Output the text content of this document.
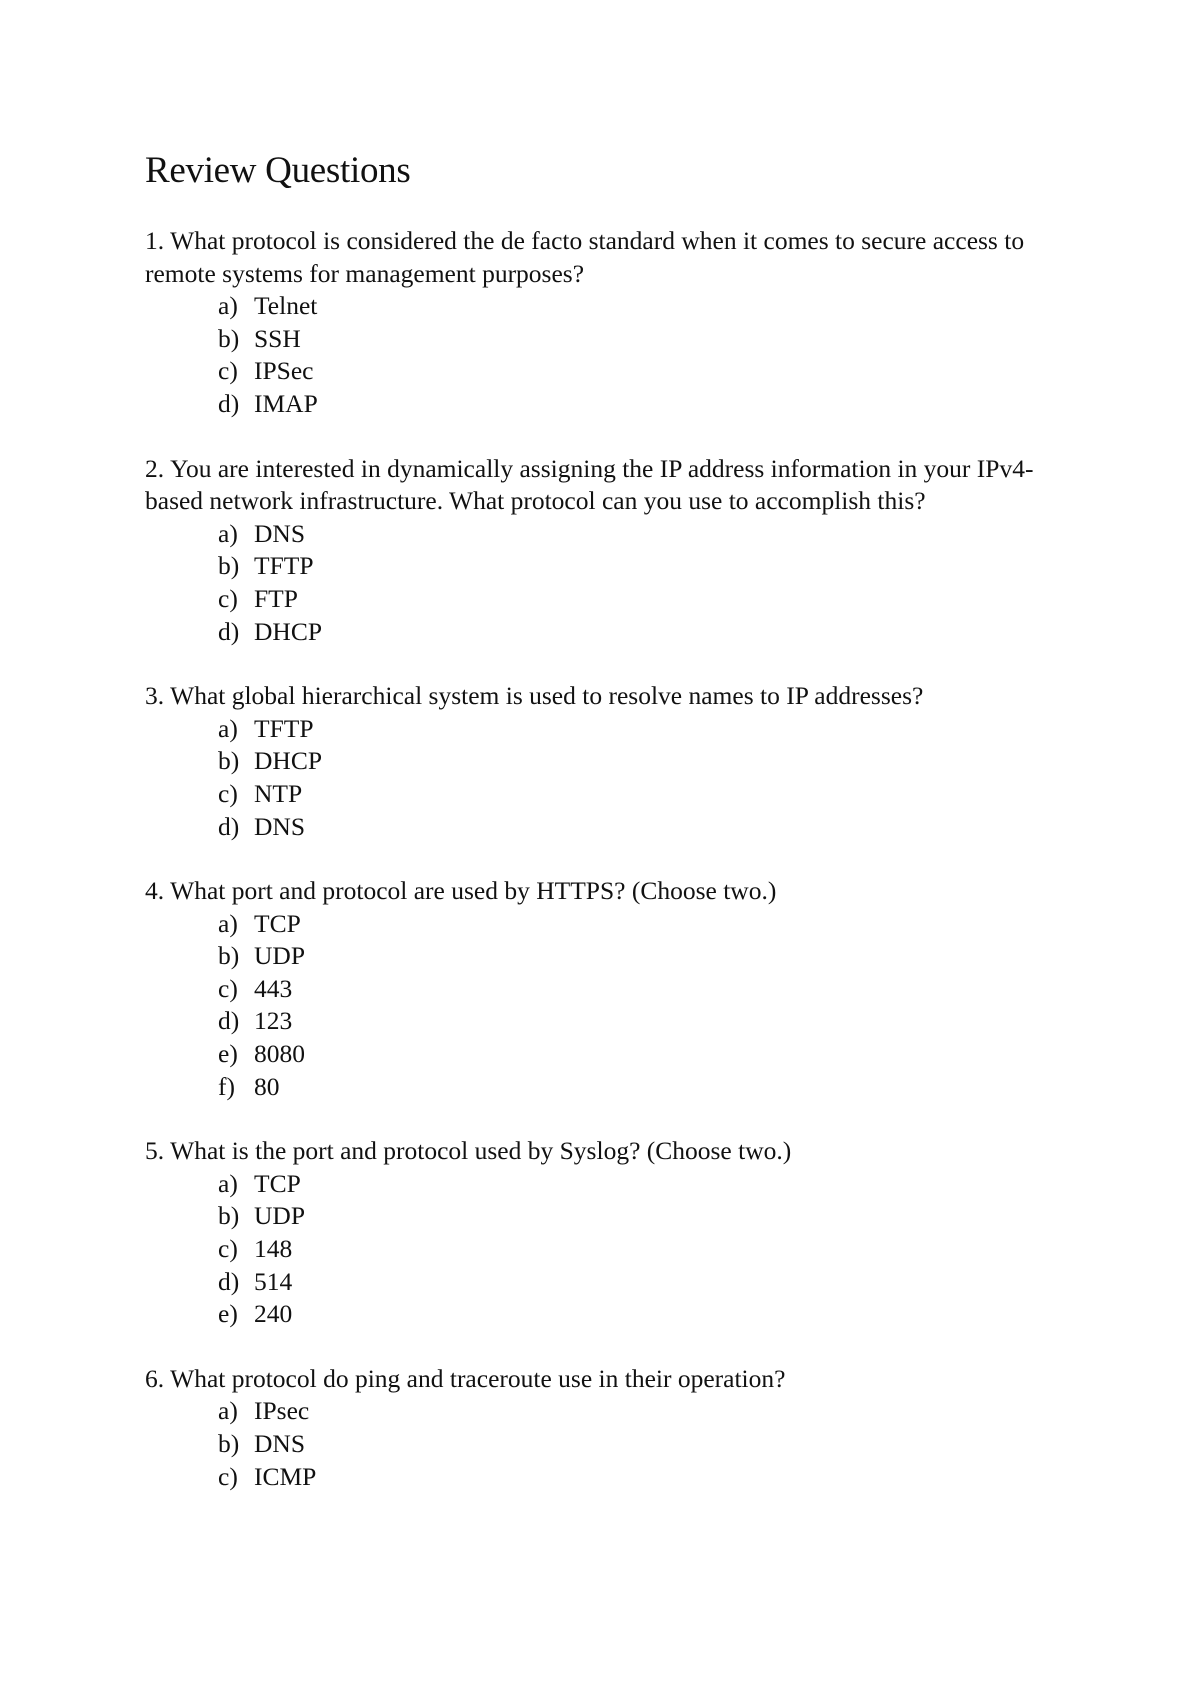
Review Questions

1. What protocol is considered the de facto standard when it comes to secure access to remote systems for management purposes?

a) Telnet
b) SSH
c) IPSec
d) IMAP

2. You are interested in dynamically assigning the IP address information in your IPv4-based network infrastructure. What protocol can you use to accomplish this?

a) DNS
b) TFTP
c) FTP
d) DHCP

3. What global hierarchical system is used to resolve names to IP addresses?

a) TFTP
b) DHCP
c) NTP
d) DNS

4. What port and protocol are used by HTTPS? (Choose two.)

a) TCP
b) UDP
c) 443
d) 123
e) 8080
f) 80

5. What is the port and protocol used by Syslog? (Choose two.)

a) TCP
b) UDP
c) 148
d) 514
e) 240

6. What protocol do ping and traceroute use in their operation?

a) IPsec
b) DNS
c) ICMP
